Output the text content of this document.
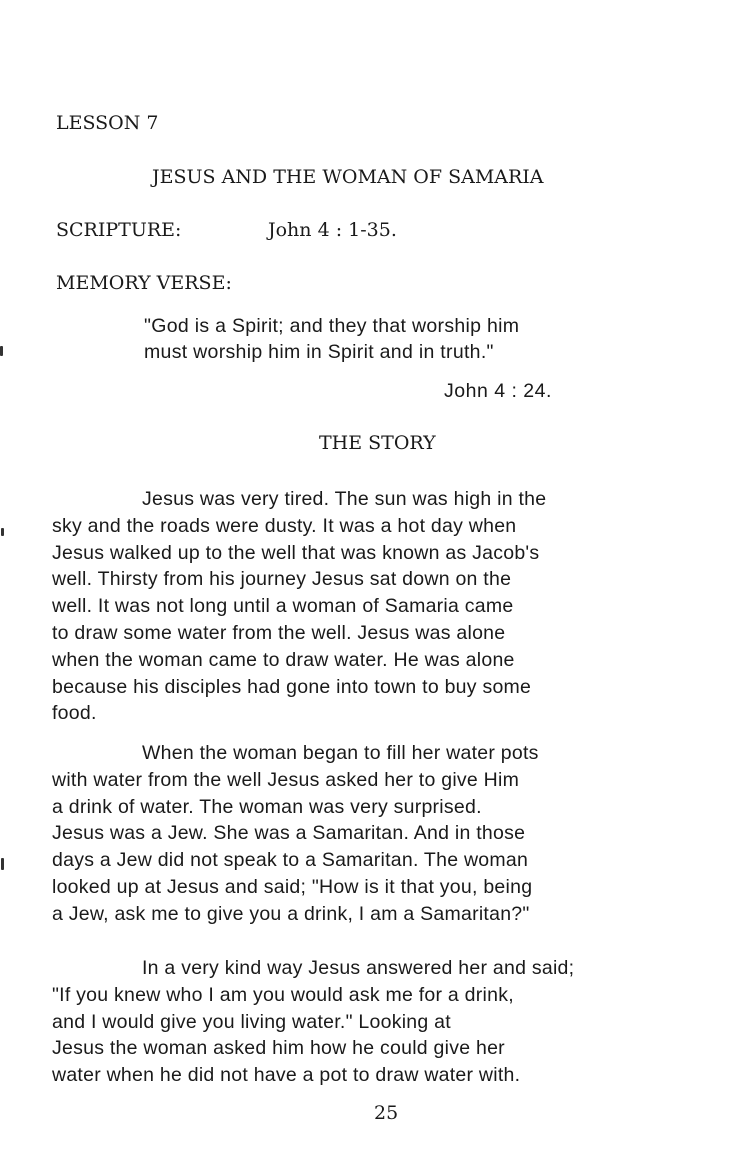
LESSON 7
JESUS AND THE WOMAN OF SAMARIA
SCRIPTURE:	John 4 : 1-35.
MEMORY VERSE:
"God is a Spirit; and they that worship him
must worship him in Spirit and in truth."
John 4 : 24.
THE STORY
Jesus was very tired. The sun was high in the
sky and the roads were dusty. It was a hot day when
Jesus walked up to the well that was known as Jacob's
well. Thirsty from his journey Jesus sat down on the
well. It was not long until a woman of Samaria came
to draw some water from the well. Jesus was alone
when the woman came to draw water. He was alone
because his disciples had gone into town to buy some
food.
When the woman began to fill her water pots
with water from the well Jesus asked her to give Him
a drink of water. The woman was very surprised.
Jesus was a Jew. She was a Samaritan. And in those
days a Jew did not speak to a Samaritan. The woman
looked up at Jesus and said; "How is it that you, being
a Jew, ask me to give you a drink, I am a Samaritan?"
In a very kind way Jesus answered her and said;
"If you knew who I am you would ask me for a drink,
and I would give you living water." Looking at
Jesus the woman asked him how he could give her
water when he did not have a pot to draw water with.
25
